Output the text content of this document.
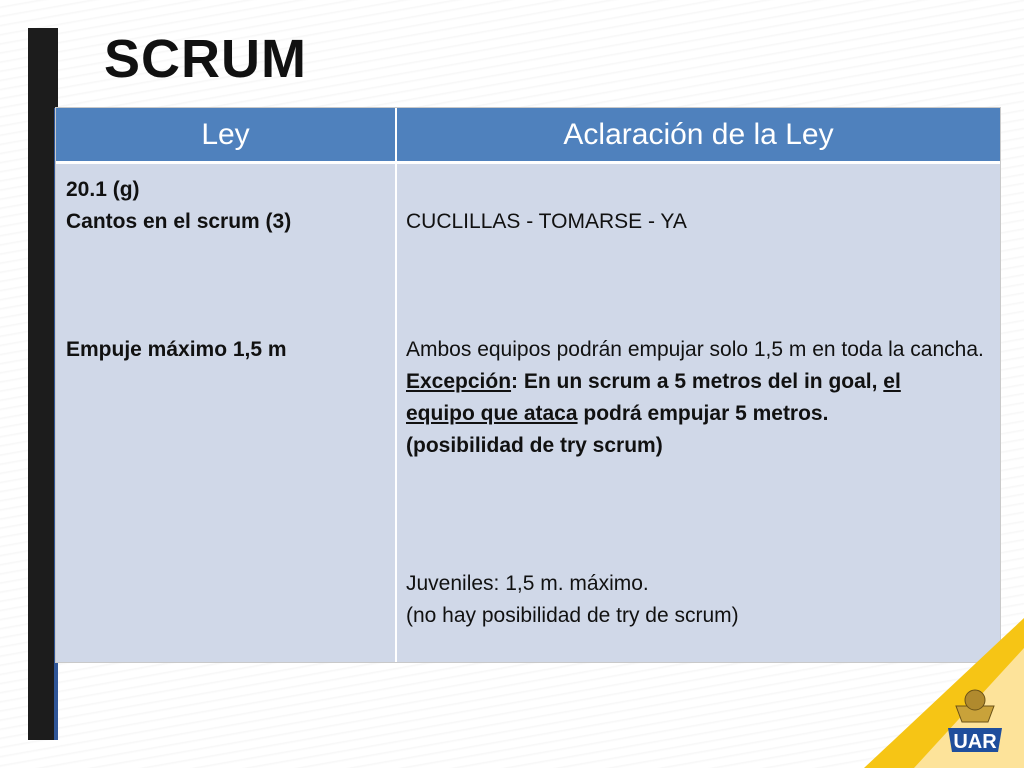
SCRUM
Ley	Aclaración de la Ley
20.1 (g)
Cantos en el scrum (3)
Empuje máximo 1,5 m
CUCLILLAS - TOMARSE - YA
Ambos equipos podrán empujar solo 1,5 m en toda la cancha.
Excepción: En un scrum a 5 metros del in goal, el
equipo que ataca podrá empujar 5 metros.
(posibilidad de try scrum)
Juveniles: 1,5 m. máximo.
(no hay posibilidad de try de scrum)
UAR
